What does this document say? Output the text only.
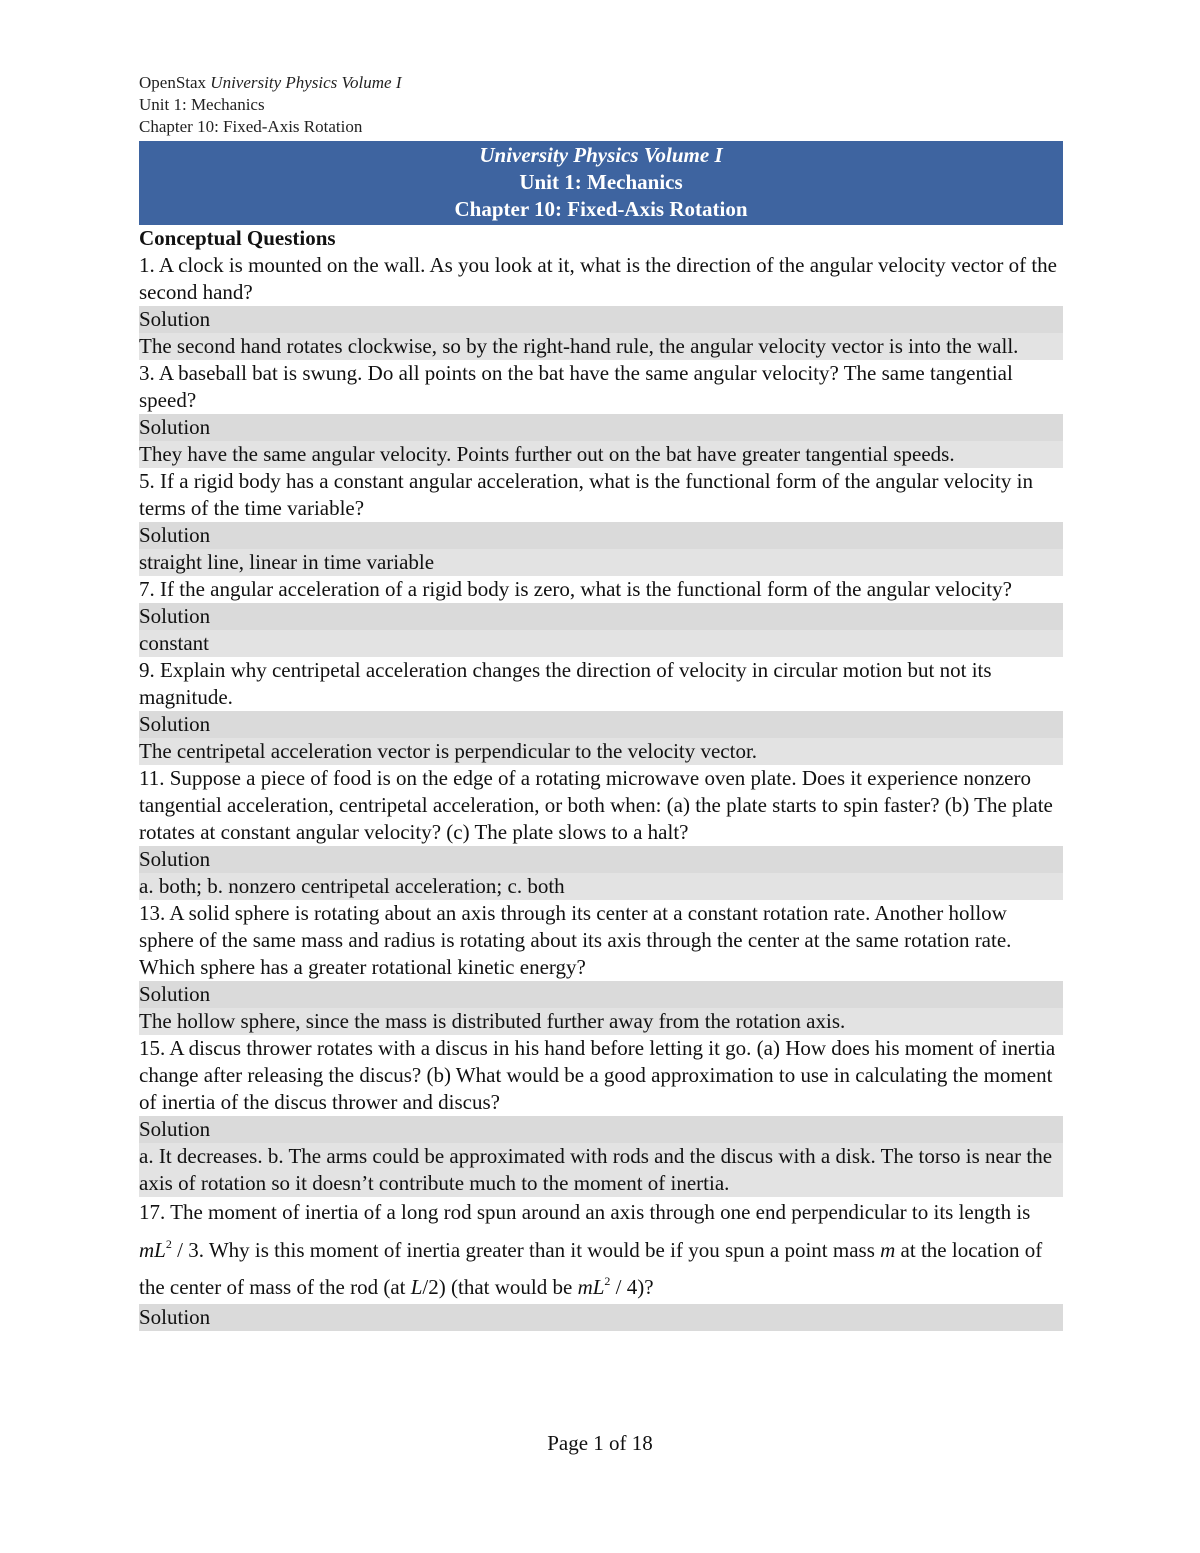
OpenStax University Physics Volume I
Unit 1: Mechanics
Chapter 10: Fixed-Axis Rotation
University Physics Volume I
Unit 1: Mechanics
Chapter 10: Fixed-Axis Rotation
Conceptual Questions
1. A clock is mounted on the wall. As you look at it, what is the direction of the angular velocity vector of the second hand?
Solution
The second hand rotates clockwise, so by the right-hand rule, the angular velocity vector is into the wall.
3. A baseball bat is swung. Do all points on the bat have the same angular velocity? The same tangential speed?
Solution
They have the same angular velocity. Points further out on the bat have greater tangential speeds.
5. If a rigid body has a constant angular acceleration, what is the functional form of the angular velocity in terms of the time variable?
Solution
straight line, linear in time variable
7. If the angular acceleration of a rigid body is zero, what is the functional form of the angular velocity?
Solution
constant
9. Explain why centripetal acceleration changes the direction of velocity in circular motion but not its magnitude.
Solution
The centripetal acceleration vector is perpendicular to the velocity vector.
11. Suppose a piece of food is on the edge of a rotating microwave oven plate. Does it experience nonzero tangential acceleration, centripetal acceleration, or both when: (a) the plate starts to spin faster? (b) The plate rotates at constant angular velocity? (c) The plate slows to a halt?
Solution
a. both; b. nonzero centripetal acceleration; c. both
13. A solid sphere is rotating about an axis through its center at a constant rotation rate. Another hollow sphere of the same mass and radius is rotating about its axis through the center at the same rotation rate. Which sphere has a greater rotational kinetic energy?
Solution
The hollow sphere, since the mass is distributed further away from the rotation axis.
15. A discus thrower rotates with a discus in his hand before letting it go. (a) How does his moment of inertia change after releasing the discus? (b) What would be a good approximation to use in calculating the moment of inertia of the discus thrower and discus?
Solution
a. It decreases. b. The arms could be approximated with rods and the discus with a disk. The torso is near the axis of rotation so it doesn’t contribute much to the moment of inertia.
17. The moment of inertia of a long rod spun around an axis through one end perpendicular to its length is $mL^2 / 3$. Why is this moment of inertia greater than it would be if you spun a point mass m at the location of the center of mass of the rod (at L/2) (that would be $mL^2 / 4$)?
Solution
Page 1 of 18
